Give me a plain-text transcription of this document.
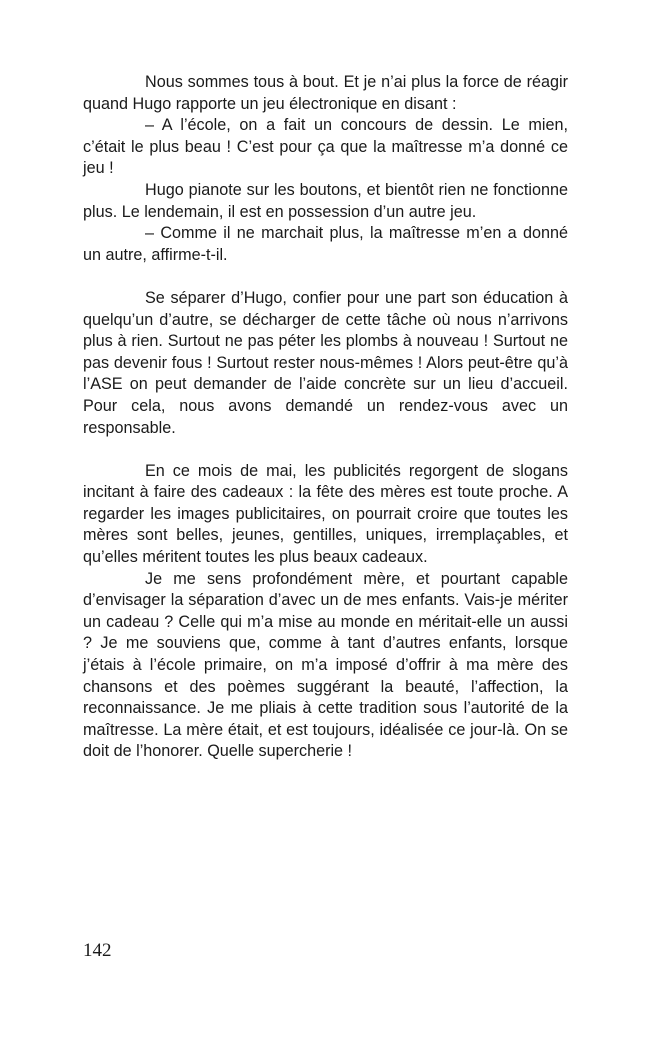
Nous sommes tous à bout. Et je n’ai plus la force de réagir quand Hugo rapporte un jeu électronique en disant :

– A l’école, on a fait un concours de dessin. Le mien, c’était le plus beau ! C’est pour ça que la maîtresse m’a donné ce jeu !

Hugo pianote sur les boutons, et bientôt rien ne fonctionne plus. Le lendemain, il est en possession d’un autre jeu.

– Comme il ne marchait plus, la maîtresse m’en a donné un autre, affirme-t-il.

Se séparer d’Hugo, confier pour une part son éducation à quelqu’un d’autre, se décharger de cette tâche où nous n’arrivons plus à rien. Surtout ne pas péter les plombs à nouveau ! Surtout ne pas devenir fous ! Surtout rester nous-mêmes ! Alors peut-être qu’à l’ASE on peut demander de l’aide concrète sur un lieu d’accueil. Pour cela, nous avons demandé un rendez-vous avec un responsable.

En ce mois de mai, les publicités regorgent de slogans incitant à faire des cadeaux : la fête des mères est toute proche. A regarder les images publicitaires, on pourrait croire que toutes les mères sont belles, jeunes, gentilles, uniques, irremplaçables, et qu’elles méritent toutes les plus beaux cadeaux.

Je me sens profondément mère, et pourtant capable d’envisager la séparation d’avec un de mes enfants. Vais-je mériter un cadeau ? Celle qui m’a mise au monde en méritait-elle un aussi ? Je me souviens que, comme à tant d’autres enfants, lorsque j’étais à l’école primaire, on m’a imposé d’offrir à ma mère des chansons et des poèmes suggérant la beauté, l’affection, la reconnaissance. Je me pliais à cette tradition sous l’autorité de la maîtresse. La mère était, et est toujours, idéalisée ce jour-là. On se doit de l’honorer. Quelle supercherie !

142
